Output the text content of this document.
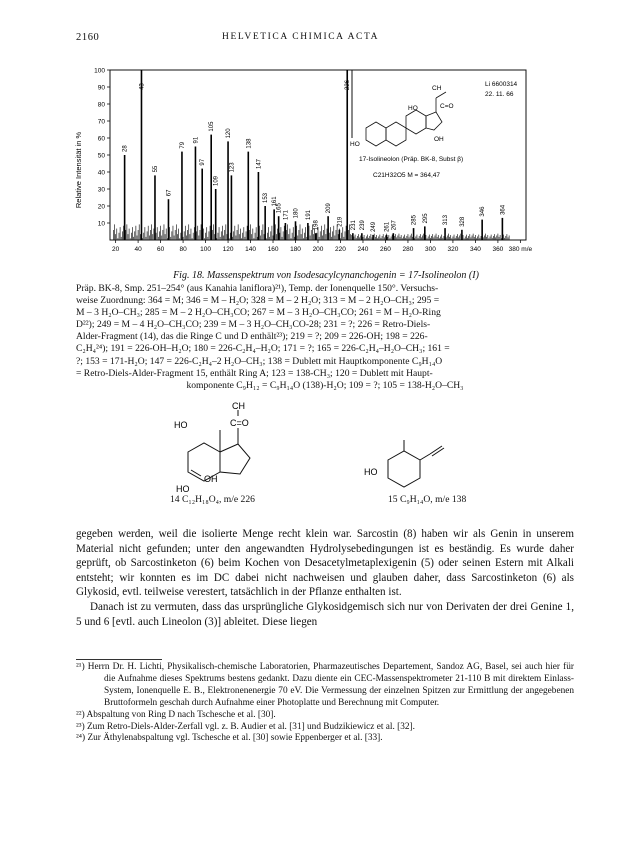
2160	HELVETICA CHIMICA ACTA
Relative Intensität in %
100
90
80
70
60
50
40
30
20
10
20 40 60 80 100 120 140 160 180 200 220 240 260 280 300 320 340 360 380 m/e
28
43
55
67
79
91
97
105
109
120
123
138
147
153 161
165
171 180 191
198
209
219
226
231 239 249 261 267
285 295 313 328
346 364
Li 6600314
22. 11. 66
CH
C=O
HO
OH
HO
17-Isolineolon (Präp. BK-8, Subst β)
C21H32O5 M = 364,47
Fig. 18. Massenspektrum von Isodesacylcynanchogenin = 17-Isolineolon (I)

Präp. BK-8, Smp. 251–254° (aus Kanahia laniflora)²¹), Temp. der Ionenquelle 150°. Versuchs-

weise Zuordnung: 364 = M; 346 = M – H₂O; 328 = M – 2 H₂O; 313 = M – 2 H₂O–CH₃; 295 =

M – 3 H₂O–CH₃; 285 = M – 2 H₂O–CH₃CO; 267 = M – 3 H₂O–CH₃CO; 261 = M – H₂O-Ring

D²²); 249 = M – 4 H₂O–CH₃CO; 239 = M – 3 H₂O–CH₃CO-28; 231 = ?; 226 = Retro-Diels-

Alder-Fragment (14), das die Ringe C und D enthält²³); 219 = ?; 209 = 226-OH; 198 = 226-

C₂H₄²⁴); 191 = 226-OH–H₂O; 180 = 226-C₂H₄–H₂O; 171 = ?; 165 = 226-C₂H₄–H₂O–CH₃; 161 =

?; 153 = 171-H₂O; 147 = 226-C₂H₄–2 H₂O–CH₃; 138 = Dublett mit Hauptkomponente C₉H₁₄O

= Retro-Diels-Alder-Fragment 15, enthält Ring A; 123 = 138-CH₃; 120 = Dublett mit Haupt-

komponente C₉H₁₂ = C₉H₁₄O (138)-H₂O; 109 = ?; 105 = 138-H₂O–CH₃

CH
HO	C=O
HO
OH
14 C₁₂H₁₈O₄, m/e 226
HO
15 C₉H₁₄O, m/e 138

gegeben werden, weil die isolierte Menge recht klein war. Sarcostin (8) haben wir als Genin in unserem Material nicht gefunden; unter den angewandten Hydrolysebedingungen ist es beständig. Es wurde daher geprüft, ob Sarcostinketon (6) beim Kochen von Desacetylmetaplexigenin (5) oder seinen Estern mit Alkali entsteht; wir konnten es im DC dabei nicht nachweisen und glauben daher, dass Sarcostinketon (6) als Glykosid, evtl. teilweise verestert, tatsächlich in der Pflanze enthalten ist.

Danach ist zu vermuten, dass das ursprüngliche Glykosidgemisch sich nur von Derivaten der drei Genine 1, 5 und 6 [evtl. auch Lineolon (3)] ableitet. Diese liegen

²¹) Herrn Dr. H. Lichti, Physikalisch-chemische Laboratorien, Pharmazeutisches Departement, Sandoz AG, Basel, sei auch hier für die Aufnahme dieses Spektrums bestens gedankt. Dazu diente ein CEC-Massenspektrometer 21-110 B mit direktem Einlass-System, Ionenquelle E. B., Elektronenenergie 70 eV. Die Vermessung der einzelnen Spitzen zur Ermittlung der angegebenen Bruttoformeln geschah durch Aufnahme einer Photoplatte und Berechnung mit Computer.

²²) Abspaltung von Ring D nach Tschesche et al. [30].

²³) Zum Retro-Diels-Alder-Zerfall vgl. z. B. Audier et al. [31] und Budzikiewicz et al. [32].

²⁴) Zur Äthylenabspaltung vgl. Tschesche et al. [30] sowie Eppenberger et al. [33].
